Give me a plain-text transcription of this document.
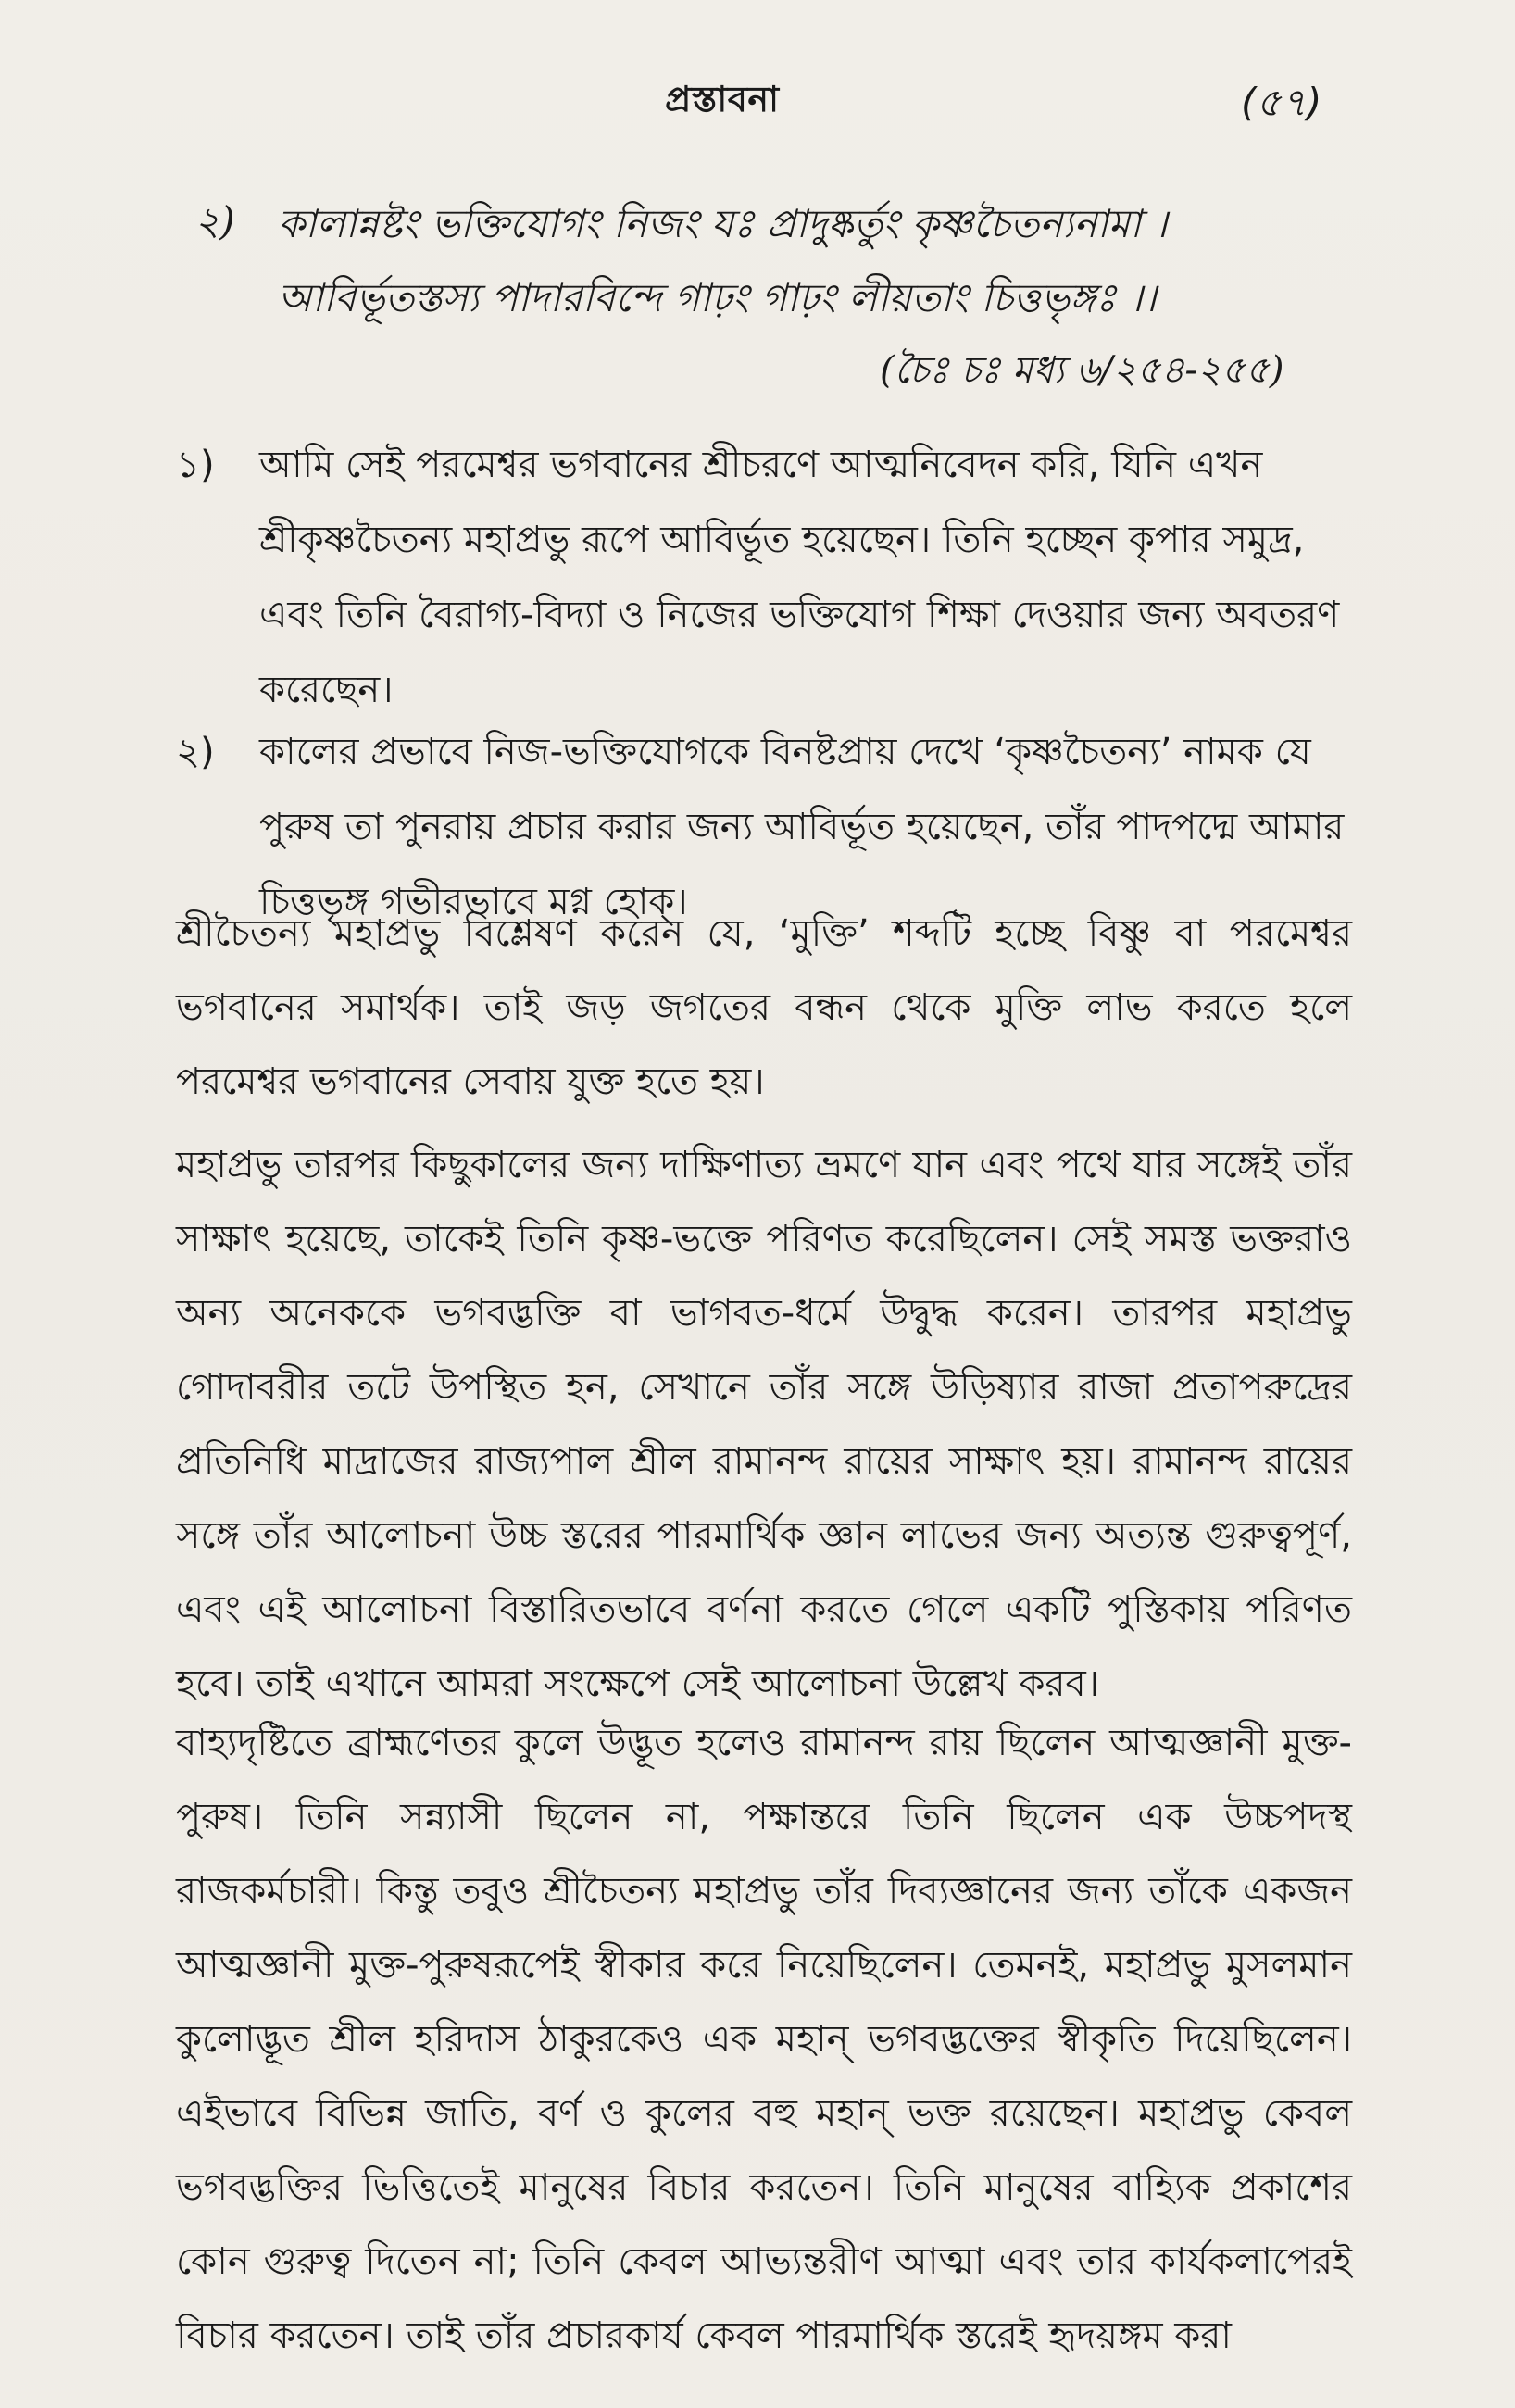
প্রস্তাবনা	(৫৭)
২) কালান্নষ্টং ভক্তিযোগং নিজং যঃ প্রাদুষ্কর্তুং কৃষ্ণচৈতন্যনামা ।
আবির্ভূতস্তস্য পাদারবিন্দে গাঢ়ং গাঢ়ং লীয়তাং চিত্তভৃঙ্গঃ ।।
(চৈঃ চঃ মধ্য ৬/২৫৪-২৫৫)
১) আমি সেই পরমেশ্বর ভগবানের শ্রীচরণে আত্মনিবেদন করি, যিনি এখন শ্রীকৃষ্ণচৈতন্য মহাপ্রভু রূপে আবির্ভূত হয়েছেন। তিনি হচ্ছেন কৃপার সমুদ্র, এবং তিনি বৈরাগ্য-বিদ্যা ও নিজের ভক্তিযোগ শিক্ষা দেওয়ার জন্য অবতরণ করেছেন।
২) কালের প্রভাবে নিজ-ভক্তিযোগকে বিনষ্টপ্রায় দেখে ‘কৃষ্ণচৈতন্য’ নামক যে পুরুষ তা পুনরায় প্রচার করার জন্য আবির্ভূত হয়েছেন, তাঁর পাদপদ্মে আমার চিত্তভৃঙ্গ গভীরভাবে মগ্ন হোক্।
শ্রীচৈতন্য মহাপ্রভু বিশ্লেষণ করেন যে, ‘মুক্তি’ শব্দটি হচ্ছে বিষ্ণু বা পরমেশ্বর ভগবানের সমার্থক। তাই জড় জগতের বন্ধন থেকে মুক্তি লাভ করতে হলে পরমেশ্বর ভগবানের সেবায় যুক্ত হতে হয়।
মহাপ্রভু তারপর কিছুকালের জন্য দাক্ষিণাত্য ভ্রমণে যান এবং পথে যার সঙ্গেই তাঁর সাক্ষাৎ হয়েছে, তাকেই তিনি কৃষ্ণ-ভক্তে পরিণত করেছিলেন। সেই সমস্ত ভক্তরাও অন্য অনেককে ভগবদ্ভক্তি বা ভাগবত-ধর্মে উদ্বুদ্ধ করেন। তারপর মহাপ্রভু গোদাবরীর তটে উপস্থিত হন, সেখানে তাঁর সঙ্গে উড়িষ্যার রাজা প্রতাপরুদ্রের প্রতিনিধি মাদ্রাজের রাজ্যপাল শ্রীল রামানন্দ রায়ের সাক্ষাৎ হয়। রামানন্দ রায়ের সঙ্গে তাঁর আলোচনা উচ্চ স্তরের পারমার্থিক জ্ঞান লাভের জন্য অত্যন্ত গুরুত্বপূর্ণ, এবং এই আলোচনা বিস্তারিতভাবে বর্ণনা করতে গেলে একটি পুস্তিকায় পরিণত হবে। তাই এখানে আমরা সংক্ষেপে সেই আলোচনা উল্লেখ করব।
বাহ্যদৃষ্টিতে ব্রাহ্মণেতর কুলে উদ্ভূত হলেও রামানন্দ রায় ছিলেন আত্মজ্ঞানী মুক্ত-পুরুষ। তিনি সন্ন্যাসী ছিলেন না, পক্ষান্তরে তিনি ছিলেন এক উচ্চপদস্থ রাজকর্মচারী। কিন্তু তবুও শ্রীচৈতন্য মহাপ্রভু তাঁর দিব্যজ্ঞানের জন্য তাঁকে একজন আত্মজ্ঞানী মুক্ত-পুরুষরূপেই স্বীকার করে নিয়েছিলেন। তেমনই, মহাপ্রভু মুসলমান কুলোদ্ভূত শ্রীল হরিদাস ঠাকুরকেও এক মহান্ ভগবদ্ভক্তের স্বীকৃতি দিয়েছিলেন। এইভাবে বিভিন্ন জাতি, বর্ণ ও কুলের বহু মহান্ ভক্ত রয়েছেন। মহাপ্রভু কেবল ভগবদ্ভক্তির ভিত্তিতেই মানুষের বিচার করতেন। তিনি মানুষের বাহ্যিক প্রকাশের কোন গুরুত্ব দিতেন না; তিনি কেবল আভ্যন্তরীণ আত্মা এবং তার কার্যকলাপেরই বিচার করতেন। তাই তাঁর প্রচারকার্য কেবল পারমার্থিক স্তরেই হৃদয়ঙ্গম করা
